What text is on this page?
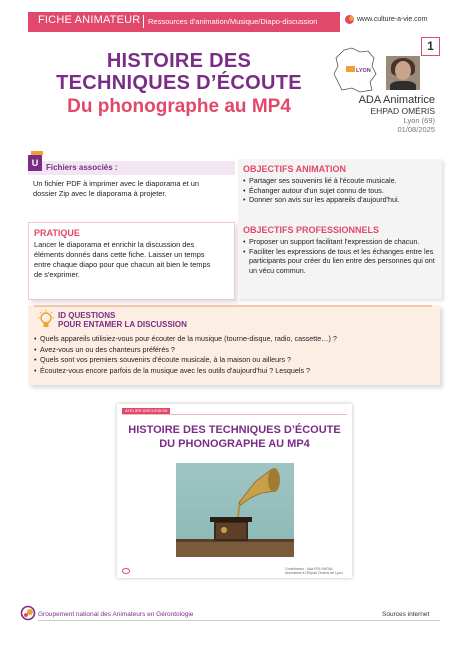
FICHE ANIMATEUR	Ressources d'animation/Musique/Diapo-discussion	www.culture-a-vie.com
1
HISTOIRE DES
TECHNIQUES D’ÉCOUTE
Du phonographe au MP4
LYON
ADA Animatrice
EHPAD OMÉRIS
Lyon (69)
01/08/2025
U Fichiers associés :
Un fichier PDF à imprimer avec le diaporama et un
dossier Zip avec le diaporama à projeter.
PRATIQUE
Lancer le diaporama et enrichir la discussion des
éléments donnés dans cette fiche. Laisser un temps
entre chaque diapo pour que chacun ait bien le temps
de s'exprimer.
OBJECTIFS ANIMATION
• Partager ses souvenirs lié à l'écoute musicale.
• Échanger autour d'un sujet connu de tous.
• Donner son avis sur les appareils d'aujourd'hui.
OBJECTIFS PROFESSIONNELS
• Proposer un support facilitant l'expression de chacun.
• Faciliter les expressions de tous et les échanges entre les participants pour créer du lien entre des personnes qui ont un vécu commun.
ID QUESTIONS
POUR ENTAMER LA DISCUSSION
• Quels appareils utilisiez-vous pour écouter de la musique (tourne-disque, radio, cassette…) ?
• Avez-vous un ou des chanteurs préférés ?
• Quels sont vos premiers souvenirs d'écoute musicale, à la maison ou ailleurs ?
• Écoutez-vous encore parfois de la musique avec les outils d'aujourd'hui ? Lesquels ?
ATELIER DISCUSSION
HISTOIRE DES TECHNIQUES D’ÉCOUTE
DU PHONOGRAPHE AU MP4
Contributeur : Ada POLYMOUL Animatrice à l'Ehpad Oméris de Lyon
Groupement national des Animateurs en Gérontologie	Sources internet
